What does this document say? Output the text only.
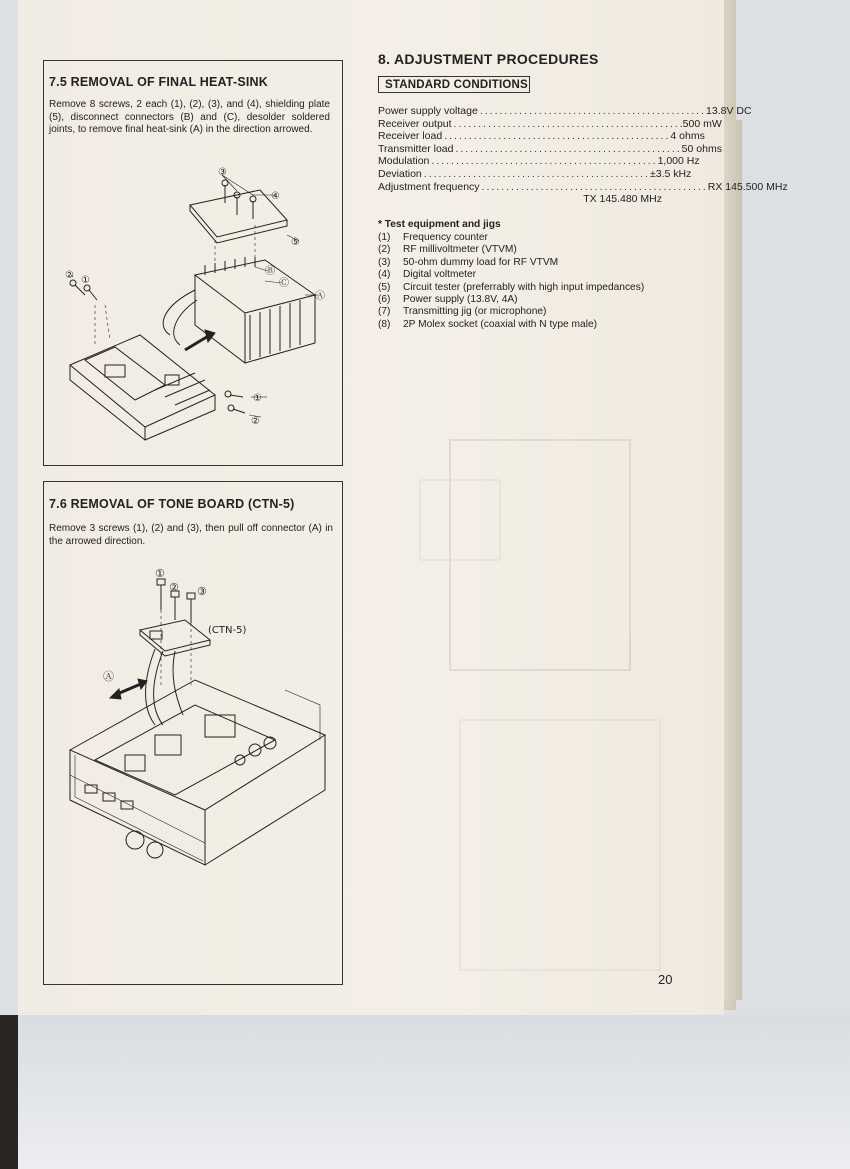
7.5 REMOVAL OF FINAL HEAT-SINK
Remove 8 screws, 2 each (1), (2), (3), and (4), shielding plate (5), disconnect connectors (B) and (C), desolder soldered joints, to remove final heat-sink (A) in the direction arrowed.
③
④
⑤
Ⓑ
Ⓒ
Ⓐ
② ①
①
②
7.6 REMOVAL OF TONE BOARD (CTN-5)
Remove 3 screws (1), (2) and (3), then pull off connector (A) in the arrowed direction.
①
② ③
Ⓐ
(CTN-5)
8. ADJUSTMENT PROCEDURES
STANDARD CONDITIONS
Power supply voltage .............................................. 13.8V DC
Receiver output .............................................. .500 mW
Receiver load .............................................. 4 ohms
Transmitter load .............................................. 50 ohms
Modulation .............................................. 1,000 Hz
Deviation .............................................. ±3.5 kHz
Adjustment frequency .............................................. RX 145.500 MHz
TX 145.480 MHz
* Test equipment and jigs
(1)	Frequency counter
(2)	RF millivoltmeter (VTVM)
(3)	50-ohm dummy load for RF VTVM
(4)	Digital voltmeter
(5)	Circuit tester (preferrably with high input impedances)
(6)	Power supply (13.8V, 4A)
(7)	Transmitting jig (or microphone)
(8)	2P Molex socket (coaxial with N type male)
20
